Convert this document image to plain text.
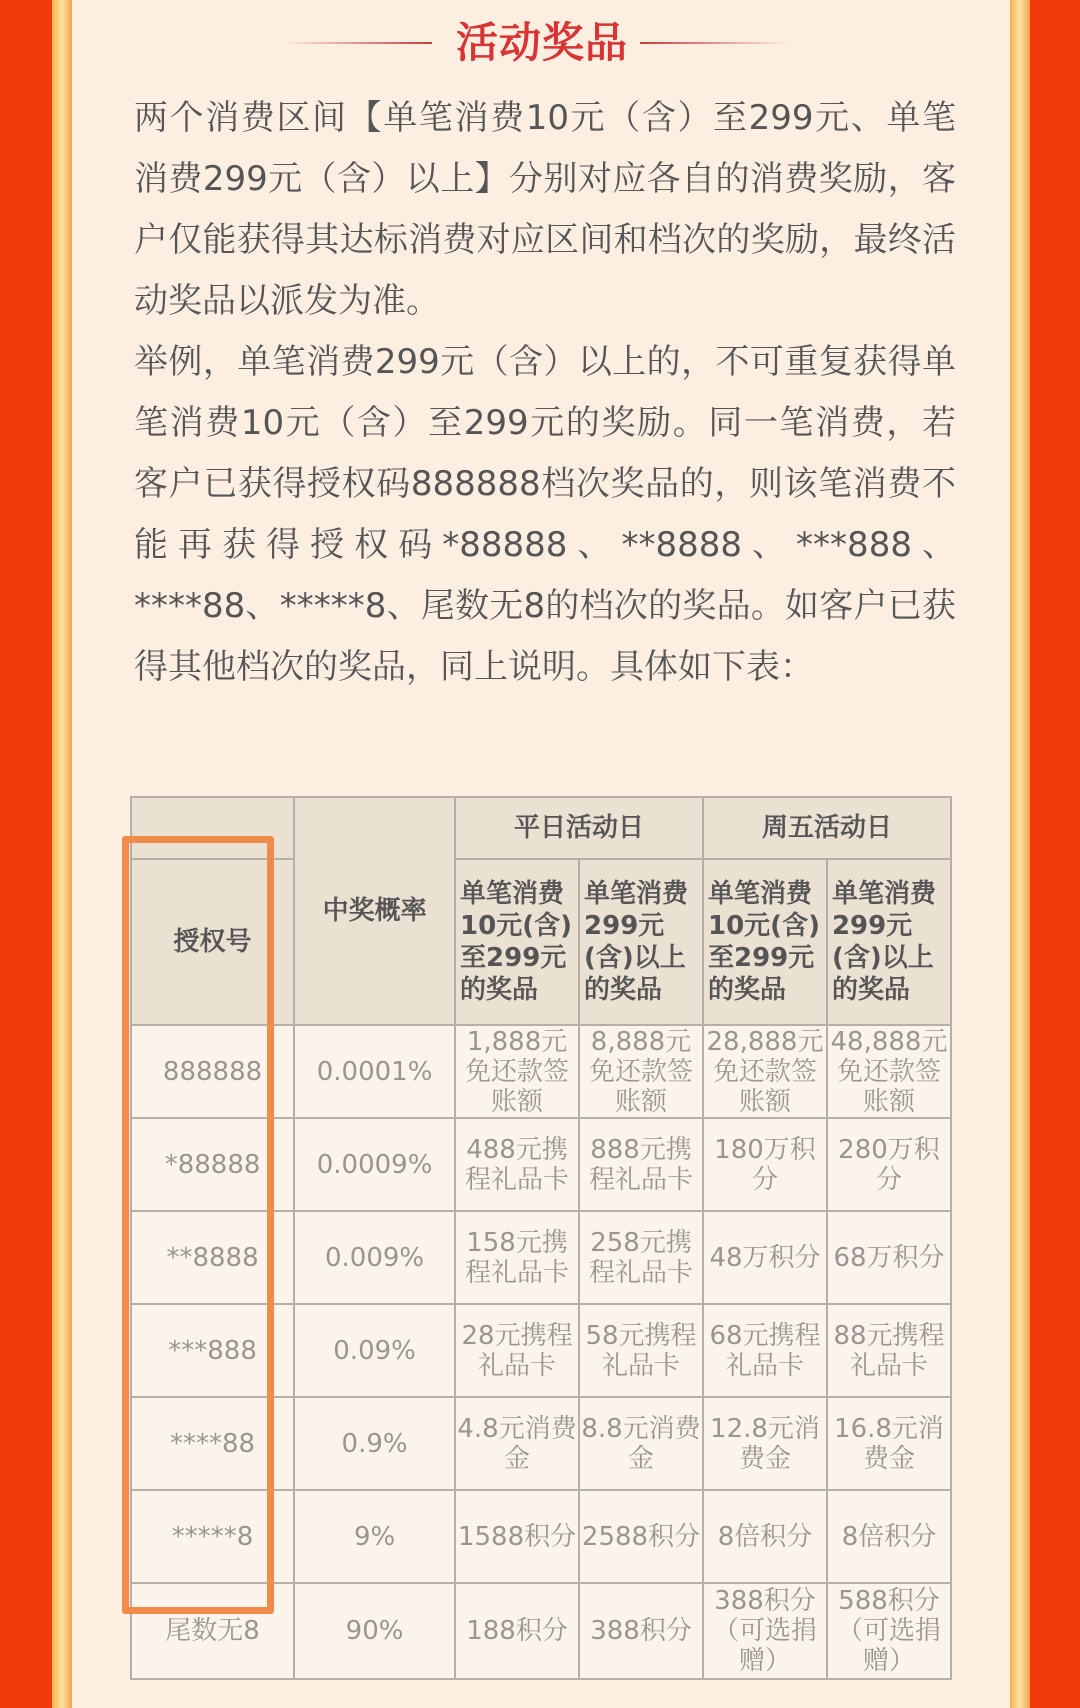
活动奖品

两个消费区间【单笔消费10元（含）至299元、单笔消费299元（含）以上】分别对应各自的消费奖励，客户仅能获得其达标消费对应区间和档次的奖励，最终活动奖品以派发为准。

举例，单笔消费299元（含）以上的，不可重复获得单笔消费10元（含）至299元的奖励。同一笔消费，若客户已获得授权码888888档次奖品的，则该笔消费不能再获得授权码*88888、**8888、***888、****88、*****8、尾数无8的档次的奖品。如客户已获得其他档次的奖品，同上说明。具体如下表：

	中奖概率	平日活动日		周五活动日	
授权号		单笔消费10元(含)至299元的奖品	单笔消费299元(含)以上的奖品	单笔消费10元(含)至299元的奖品	单笔消费299元(含)以上的奖品
888888	0.0001%	1,888元免还款签账额	8,888元免还款签账额	28,888元免还款签账额	48,888元免还款签账额
*88888	0.0009%	488元携程礼品卡	888元携程礼品卡	180万积分	280万积分
**8888	0.009%	158元携程礼品卡	258元携程礼品卡	48万积分	68万积分
***888	0.09%	28元携程礼品卡	58元携程礼品卡	68元携程礼品卡	88元携程礼品卡
****88	0.9%	4.8元消费金	8.8元消费金	12.8元消费金	16.8元消费金
*****8	9%	1588积分	2588积分	8倍积分	8倍积分
尾数无8	90%	188积分	388积分	388积分（可选捐赠）	588积分（可选捐赠）
